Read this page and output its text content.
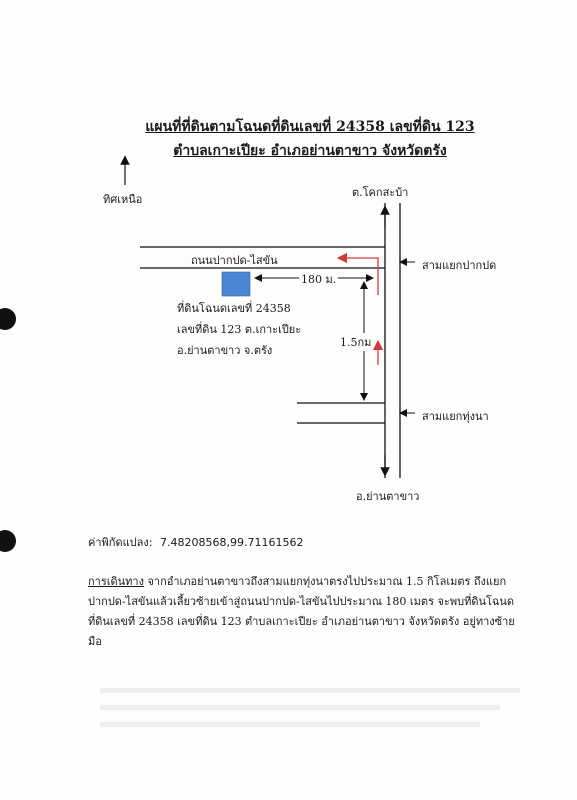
แผนที่ที่ดินตามโฉนดที่ดินเลขที่ 24358 เลขที่ดิน 123
ตำบลเกาะเปียะ อำเภอย่านตาขาว จังหวัดตรัง
ทิศเหนือ
ต.โคกสะบ้า
สามแยกปากปด
สามแยกทุ่งนา
อ.ย่านตาขาว
ถนนปากปด-ไสขัน
180 ม.
1.5กม
ที่ดินโฉนดเลขที่ 24358
เลขที่ดิน 123 ต.เกาะเปียะ
อ.ย่านตาขาว จ.ตรัง
ค่าพิกัดแปลง: 7.48208568,99.71161562
การเดินทาง จากอำเภอย่านตาขาวถึงสามแยกทุ่งนาตรงไปประมาณ 1.5 กิโลเมตร ถึงแยกปากปด-ไสขันแล้วเลี้ยวซ้ายเข้าสู่ถนนปากปด-ไสขันไปประมาณ 180 เมตร จะพบที่ดินโฉนดที่ดินเลขที่ 24358 เลขที่ดิน 123 ตำบลเกาะเปียะ อำเภอย่านตาขาว จังหวัดตรัง อยู่ทางซ้ายมือ
